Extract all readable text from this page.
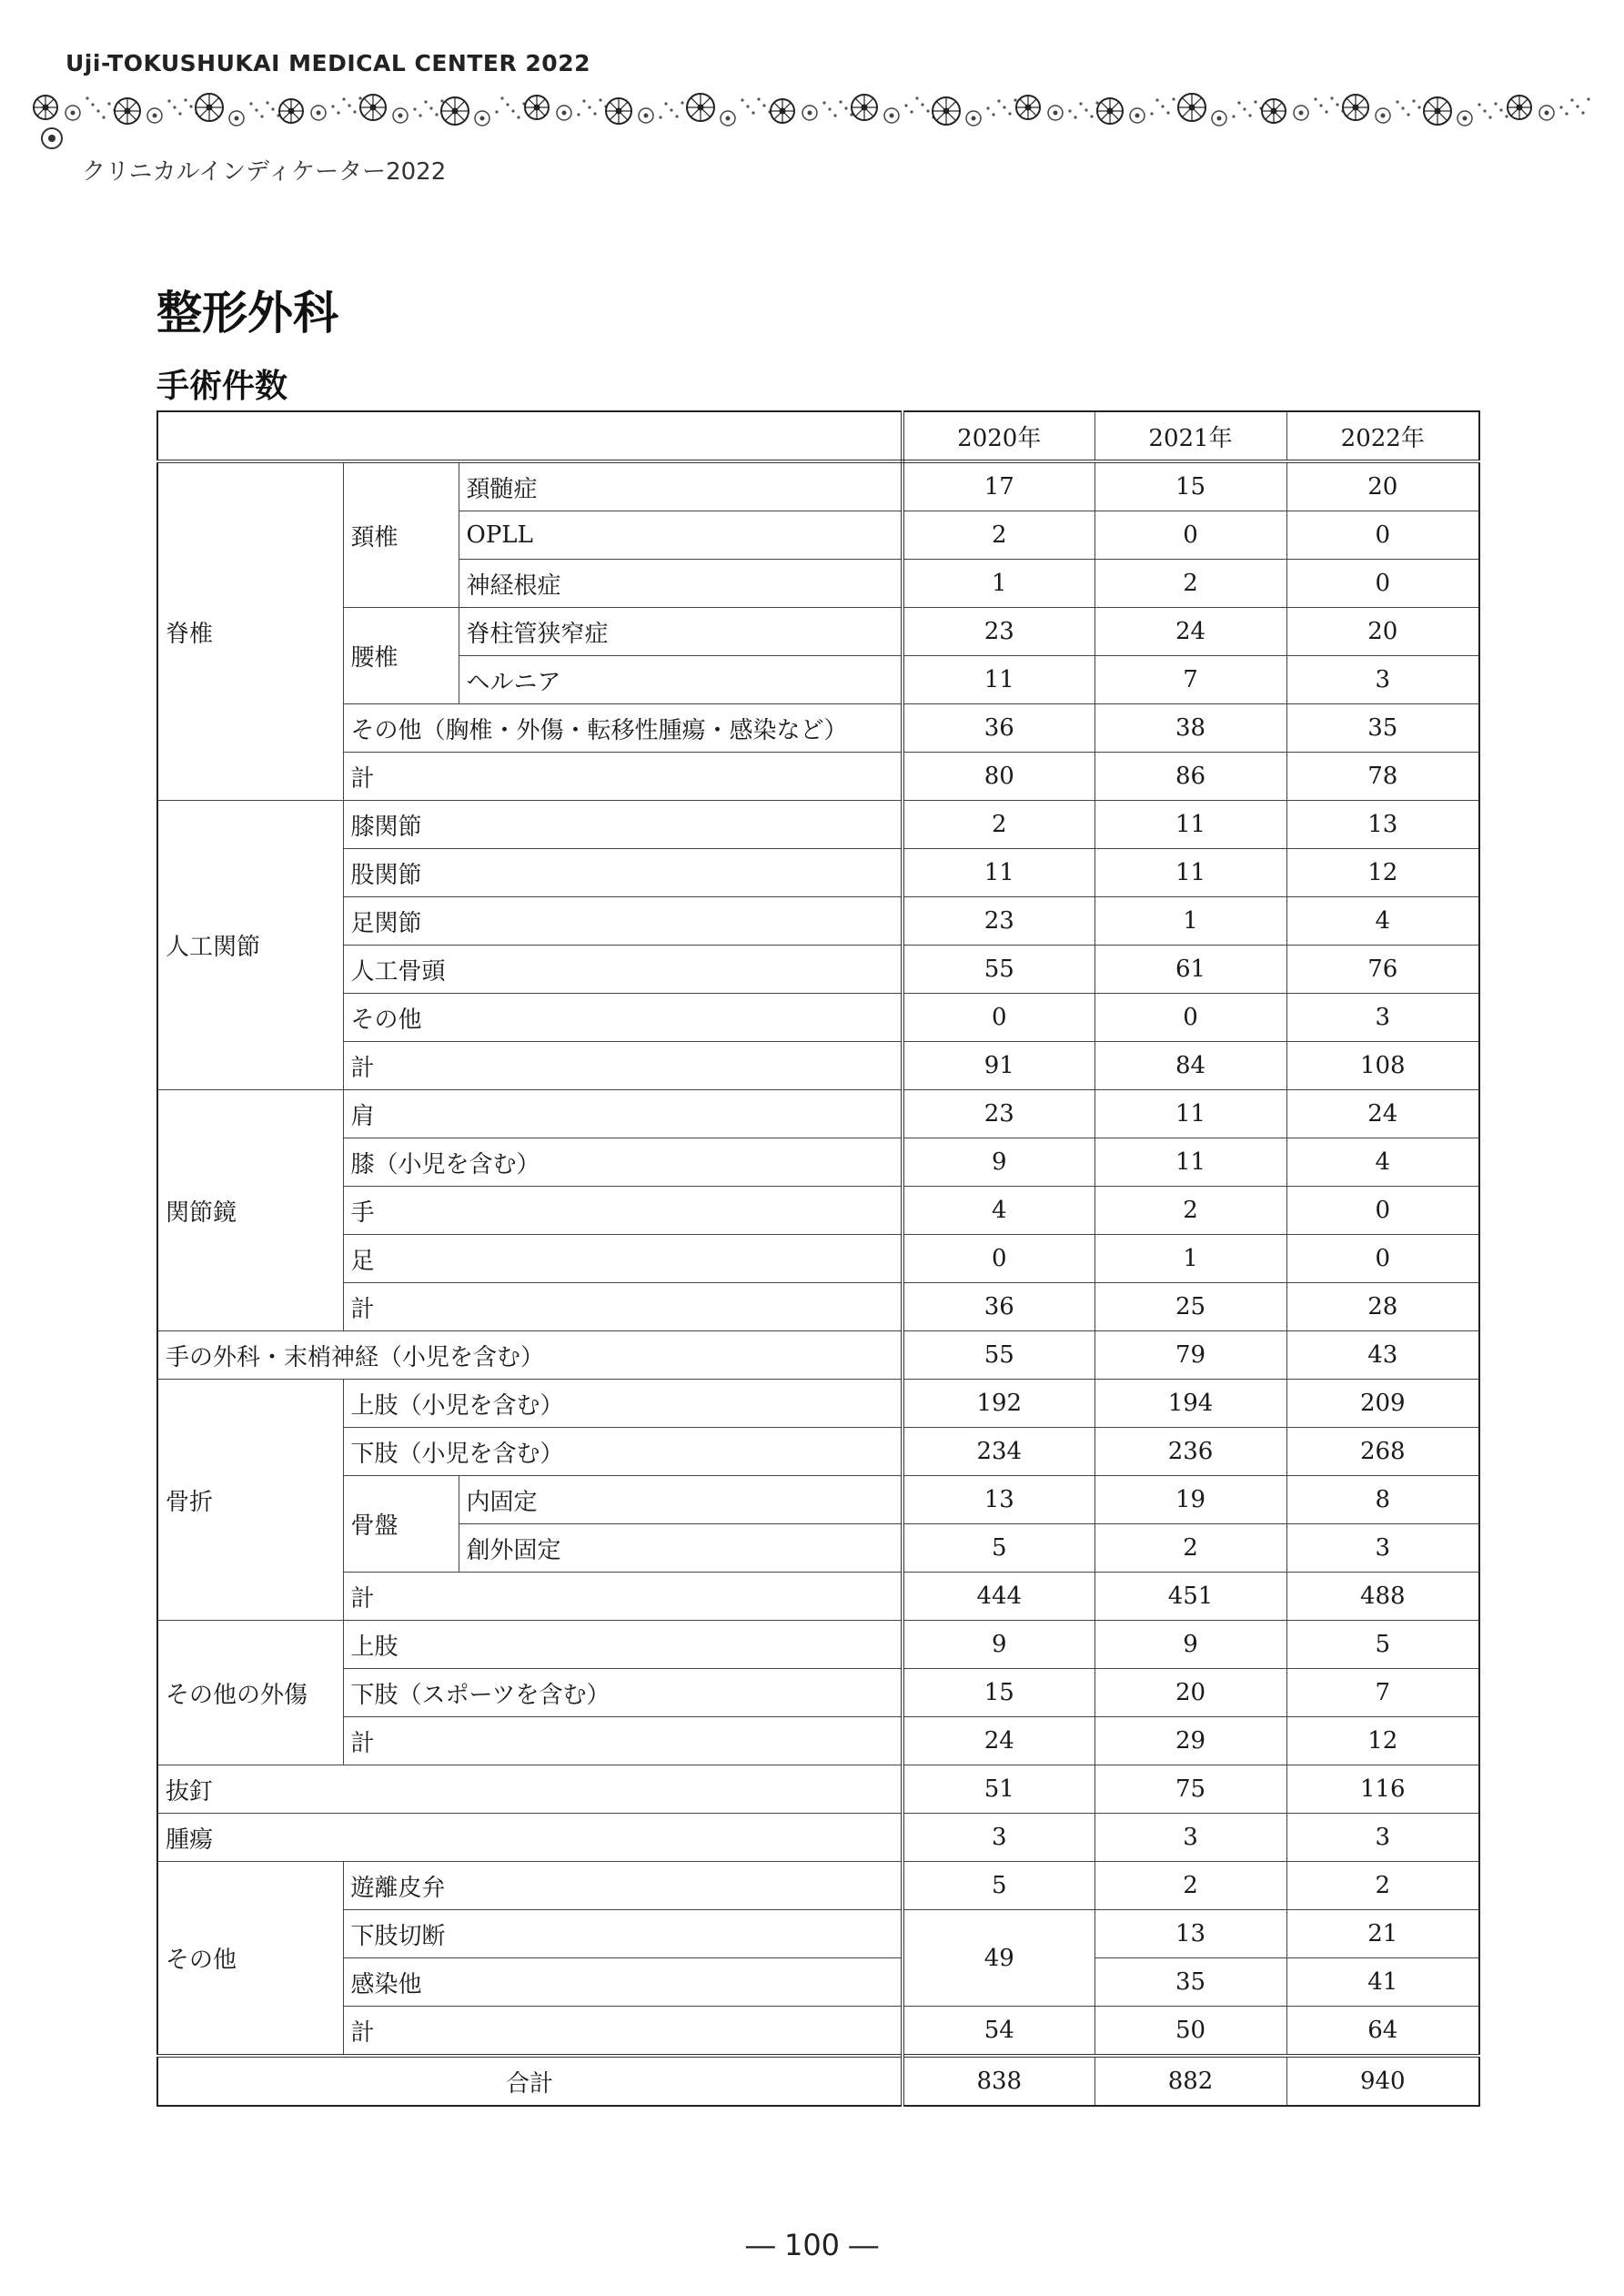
Uji-TOKUSHUKAI MEDICAL CENTER 2022
クリニカルインディケーター2022
整形外科
手術件数
			2020年	2021年	2022年
脊椎	頚椎	頚髄症	17	15	20
		OPLL	2	0	0
		神経根症	1	2	0
	腰椎	脊柱管狭窄症	23	24	20
		ヘルニア	11	7	3
	その他（胸椎・外傷・転移性腫瘍・感染など）		36	38	35
	計		80	86	78
人工関節	膝関節		2	11	13
	股関節		11	11	12
	足関節		23	1	4
	人工骨頭		55	61	76
	その他		0	0	3
	計		91	84	108
関節鏡	肩		23	11	24
	膝（小児を含む）		9	11	4
	手		4	2	0
	足		0	1	0
	計		36	25	28
手の外科・末梢神経（小児を含む）			55	79	43
骨折	上肢（小児を含む）		192	194	209
	下肢（小児を含む）		234	236	268
	骨盤	内固定	13	19	8
		創外固定	5	2	3
	計		444	451	488
その他の外傷	上肢		9	9	5
	下肢（スポーツを含む）		15	20	7
	計		24	29	12
抜釘			51	75	116
腫瘍			3	3	3
その他	遊離皮弁		5	2	2
	下肢切断		49	13	21
	感染他			35	41
	計		54	50	64
合計			838	882	940
― 100 ―
